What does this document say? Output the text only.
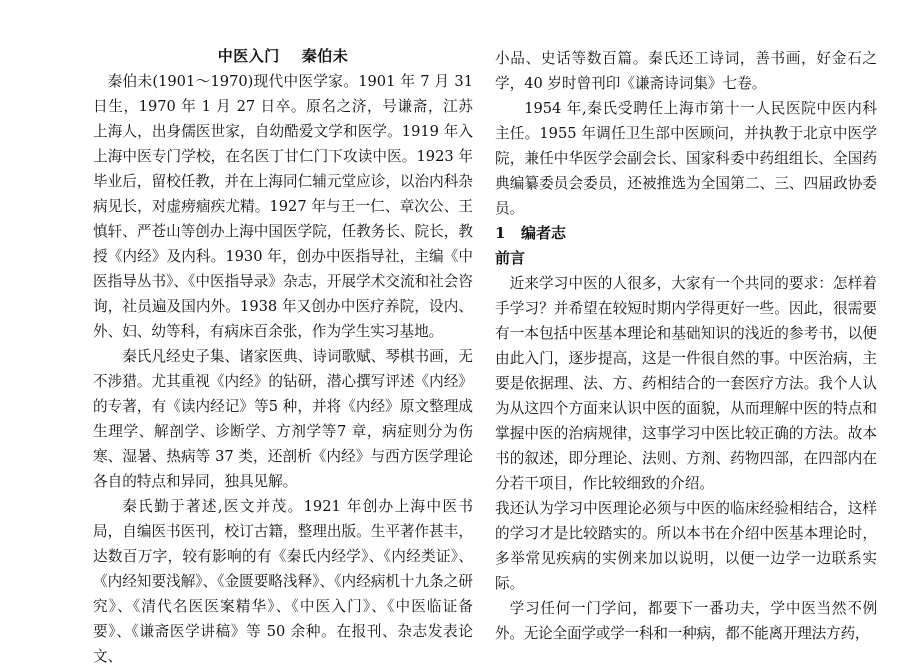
中医入门 秦伯未

秦伯未(1901～1970)现代中医学家。1901 年 7 月 31 日生，1970 年 1 月 27 日卒。原名之济，号谦斋，江苏上海人，出身儒医世家，自幼酷爱文学和医学。1919 年入上海中医专门学校，在名医丁甘仁门下攻读中医。1923 年毕业后，留校任教，并在上海同仁辅元堂应诊，以治内科杂病见长，对虚痨痼疾尤精。1927 年与王一仁、章次公、王慎轩、严苍山等创办上海中国医学院，任教务长、院长，教授《内经》及内科。1930 年，创办中医指导社，主编《中医指导丛书》、《中医指导录》杂志，开展学术交流和社会咨询，社员遍及国内外。1938 年又创办中医疗养院，设内、外、妇、幼等科，有病床百余张，作为学生实习基地。

秦氏凡经史子集、诸家医典、诗词歌赋、琴棋书画，无不涉猎。尤其重视《内经》的钻研，潜心撰写评述《内经》的专著，有《读内经记》等5 种，并将《内经》原文整理成生理学、解剖学、诊断学、方剂学等7 章，病症则分为伤寒、湿暑、热病等 37 类，还剖析《内经》与西方医学理论各自的特点和异同，独具见解。

秦氏勤于著述,医文并茂。1921 年创办上海中医书局，自编医书医刊，校订古籍，整理出版。生平著作甚丰，达数百万字，较有影响的有《秦氏内经学》、《内经类证》、《内经知要浅解》、《金匮要略浅释》、《内经病机十九条之研究》、《清代名医医案精华》、《中医入门》、《中医临证备要》、《谦斋医学讲稿》等 50 余种。在报刊、杂志发表论文、

小品、史话等数百篇。秦氏还工诗词，善书画，好金石之学，40 岁时曾刊印《谦斋诗词集》七卷。

1954 年,秦氏受聘任上海市第十一人民医院中医内科主任。1955 年调任卫生部中医顾问，并执教于北京中医学院，兼任中华医学会副会长、国家科委中药组组长、全国药典编纂委员会委员，还被推选为全国第二、三、四届政协委员。

1 编者志

前言

近来学习中医的人很多，大家有一个共同的要求：怎样着手学习？并希望在较短时期内学得更好一些。因此，很需要有一本包括中医基本理论和基础知识的浅近的参考书，以便由此入门，逐步提高，这是一件很自然的事。中医治病，主要是依据理、法、方、药相结合的一套医疗方法。我个人认为从这四个方面来认识中医的面貌，从而理解中医的特点和掌握中医的治病规律，这事学习中医比较正确的方法。故本书的叙述，即分理论、法则、方剂、药物四部，在四部内在分若干项目，作比较细致的介绍。

我还认为学习中医理论必须与中医的临床经验相结合，这样的学习才是比较踏实的。所以本书在介绍中医基本理论时，多举常见疾病的实例来加以说明，以便一边学一边联系实际。

学习任何一门学问，都要下一番功夫，学中医当然不例外。无论全面学或学一科和一种病，都不能离开理法方药，
